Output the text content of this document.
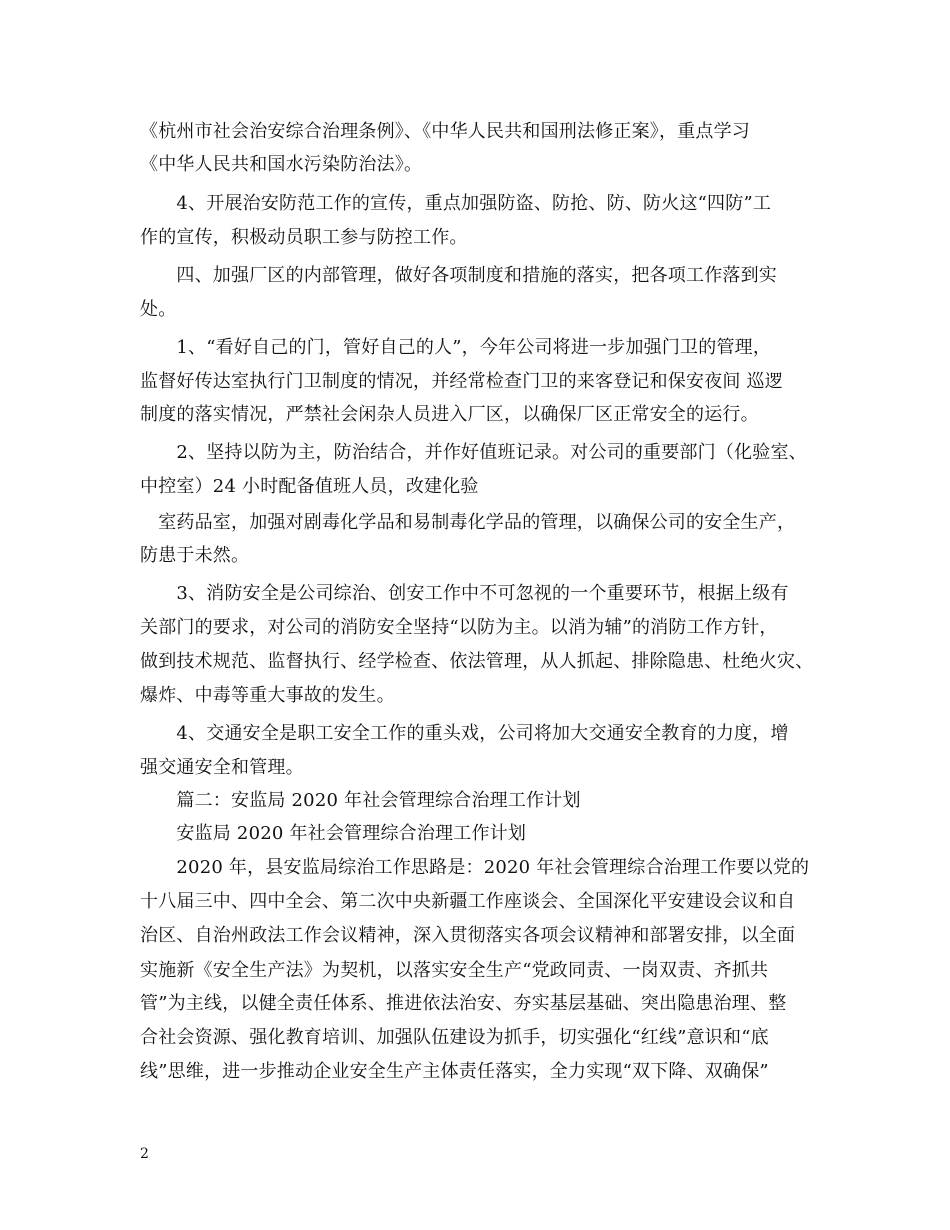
《杭州市社会治安综合治理条例》、《中华人民共和国刑法修正案》，重点学习
《中华人民共和国水污染防治法》。
　　4、开展治安防范工作的宣传，重点加强防盗、防抢、防、防火这“四防”工
作的宣传，积极动员职工参与防控工作。
　　四、加强厂区的内部管理，做好各项制度和措施的落实，把各项工作落到实
处。
　　1、“看好自己的门，管好自己的人”，今年公司将进一步加强门卫的管理，
监督好传达室执行门卫制度的情况，并经常检查门卫的来客登记和保安夜间 巡逻
制度的落实情况，严禁社会闲杂人员进入厂区，以确保厂区正常安全的运行。
　　2、坚持以防为主，防治结合，并作好值班记录。对公司的重要部门（化验室、
中控室）24 小时配备值班人员，改建化验
　室药品室，加强对剧毒化学品和易制毒化学品的管理，以确保公司的安全生产，
防患于未然。
　　3、消防安全是公司综治、创安工作中不可忽视的一个重要环节，根据上级有
关部门的要求，对公司的消防安全坚持“以防为主。以消为辅”的消防工作方针，
做到技术规范、监督执行、经学检查、依法管理，从人抓起、排除隐患、杜绝火灾、
爆炸、中毒等重大事故的发生。
　　4、交通安全是职工安全工作的重头戏，公司将加大交通安全教育的力度，增
强交通安全和管理。
　　篇二：安监局 2020 年社会管理综合治理工作计划
　　安监局 2020 年社会管理综合治理工作计划
　　2020 年，县安监局综治工作思路是：2020 年社会管理综合治理工作要以党的
十八届三中、四中全会、第二次中央新疆工作座谈会、全国深化平安建设会议和自
治区、自治州政法工作会议精神，深入贯彻落实各项会议精神和部署安排，以全面
实施新《安全生产法》为契机，以落实安全生产“党政同责、一岗双责、齐抓共
管”为主线，以健全责任体系、推进依法治安、夯实基层基础、突出隐患治理、整
合社会资源、强化教育培训、加强队伍建设为抓手，切实强化“红线”意识和“底
线”思维，进一步推动企业安全生产主体责任落实，全力实现“双下降、双确保”
2
